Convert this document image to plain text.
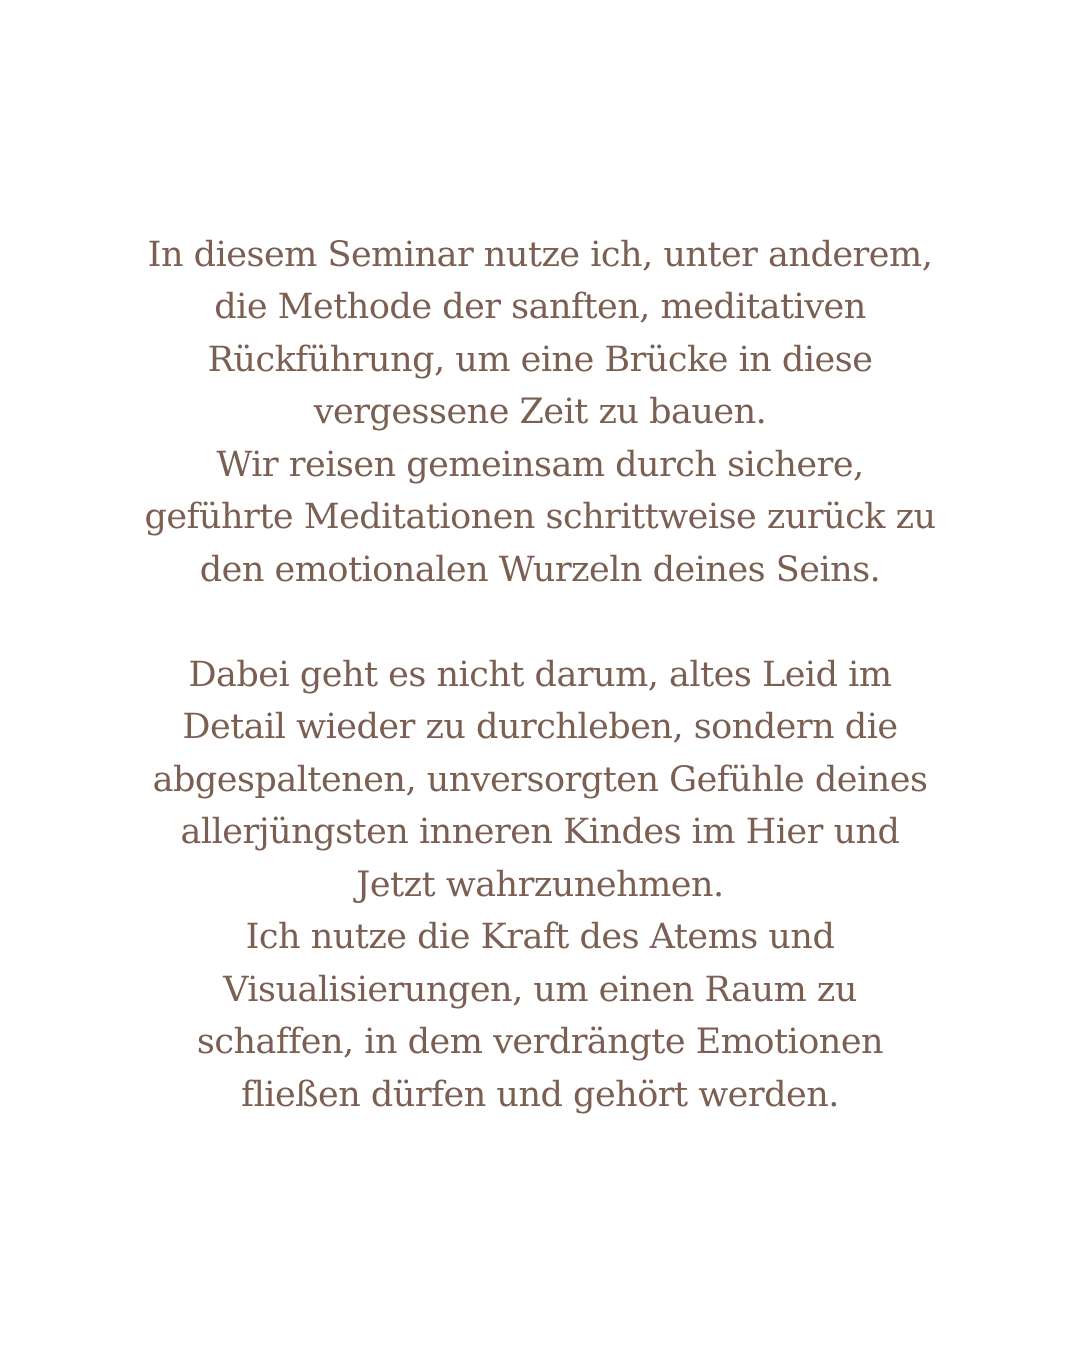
In diesem Seminar nutze ich, unter anderem,
die Methode der sanften, meditativen
Rückführung, um eine Brücke in diese
vergessene Zeit zu bauen.
Wir reisen gemeinsam durch sichere,
geführte Meditationen schrittweise zurück zu
den emotionalen Wurzeln deines Seins.

Dabei geht es nicht darum, altes Leid im
Detail wieder zu durchleben, sondern die
abgespaltenen, unversorgten Gefühle deines
allerjüngsten inneren Kindes im Hier und
Jetzt wahrzunehmen.
Ich nutze die Kraft des Atems und
Visualisierungen, um einen Raum zu
schaffen, in dem verdrängte Emotionen
fließen dürfen und gehört werden.
